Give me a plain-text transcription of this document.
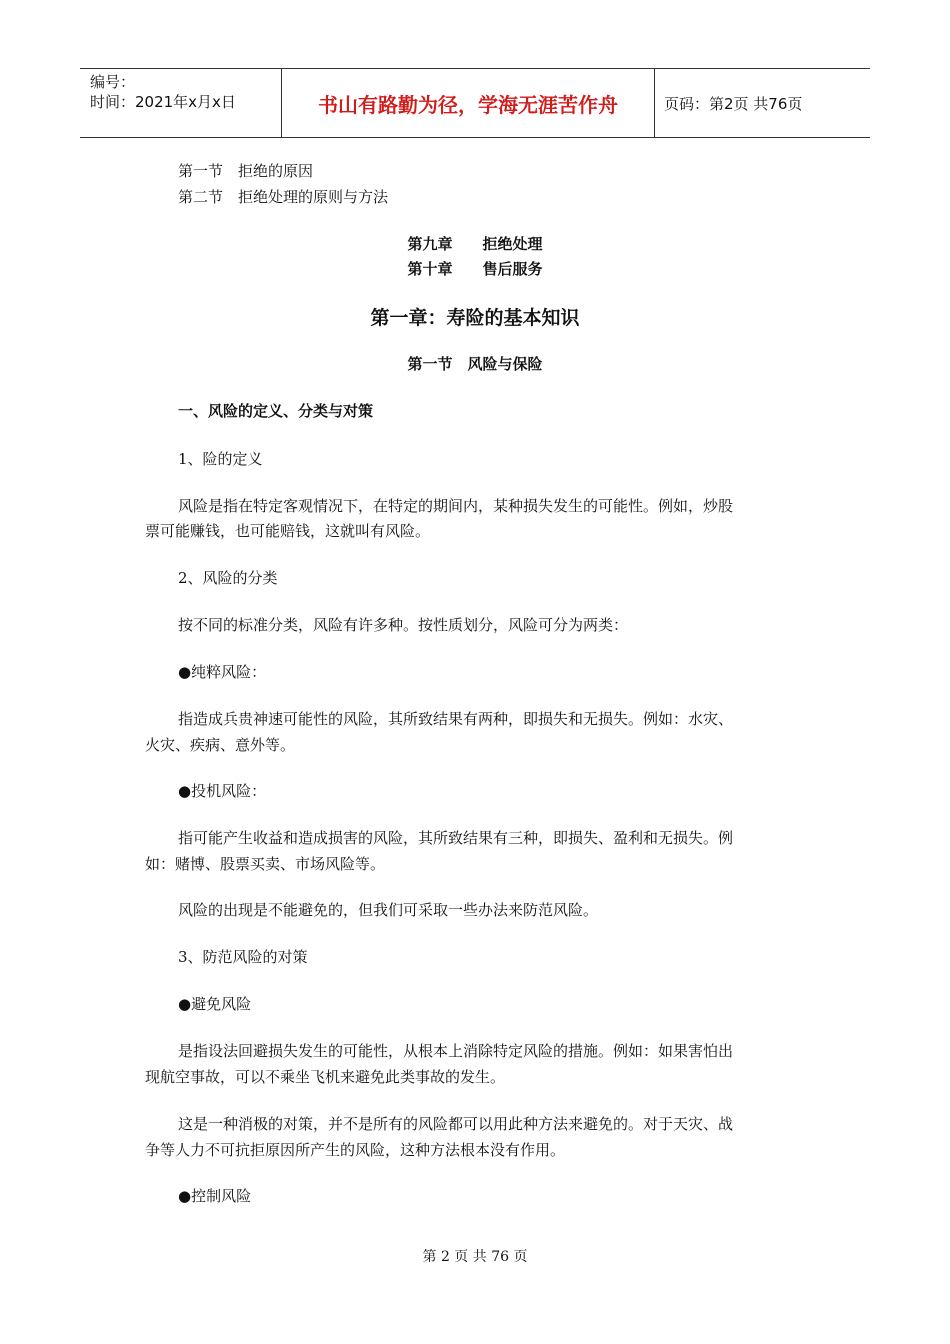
编号：
时间：2021年x月x日	书山有路勤为径，学海无涯苦作舟	页码：第2页 共76页
第一节　拒绝的原因
第二节　拒绝处理的原则与方法
第九章　　拒绝处理
第十章　　售后服务
第一章：寿险的基本知识
第一节　风险与保险
一、风险的定义、分类与对策
1、险的定义
风险是指在特定客观情况下，在特定的期间内，某种损失发生的可能性。例如，炒股
票可能赚钱，也可能赔钱，这就叫有风险。
2、风险的分类
按不同的标准分类，风险有许多种。按性质划分，风险可分为两类：
●纯粹风险：
指造成兵贵神速可能性的风险，其所致结果有两种，即损失和无损失。例如：水灾、
火灾、疾病、意外等。
●投机风险：
指可能产生收益和造成损害的风险，其所致结果有三种，即损失、盈利和无损失。例
如：赌博、股票买卖、市场风险等。
风险的出现是不能避免的，但我们可采取一些办法来防范风险。
3、防范风险的对策
●避免风险
是指设法回避损失发生的可能性，从根本上消除特定风险的措施。例如：如果害怕出
现航空事故，可以不乘坐飞机来避免此类事故的发生。
这是一种消极的对策，并不是所有的风险都可以用此种方法来避免的。对于天灾、战
争等人力不可抗拒原因所产生的风险，这种方法根本没有作用。
●控制风险
第 2 页 共 76 页
